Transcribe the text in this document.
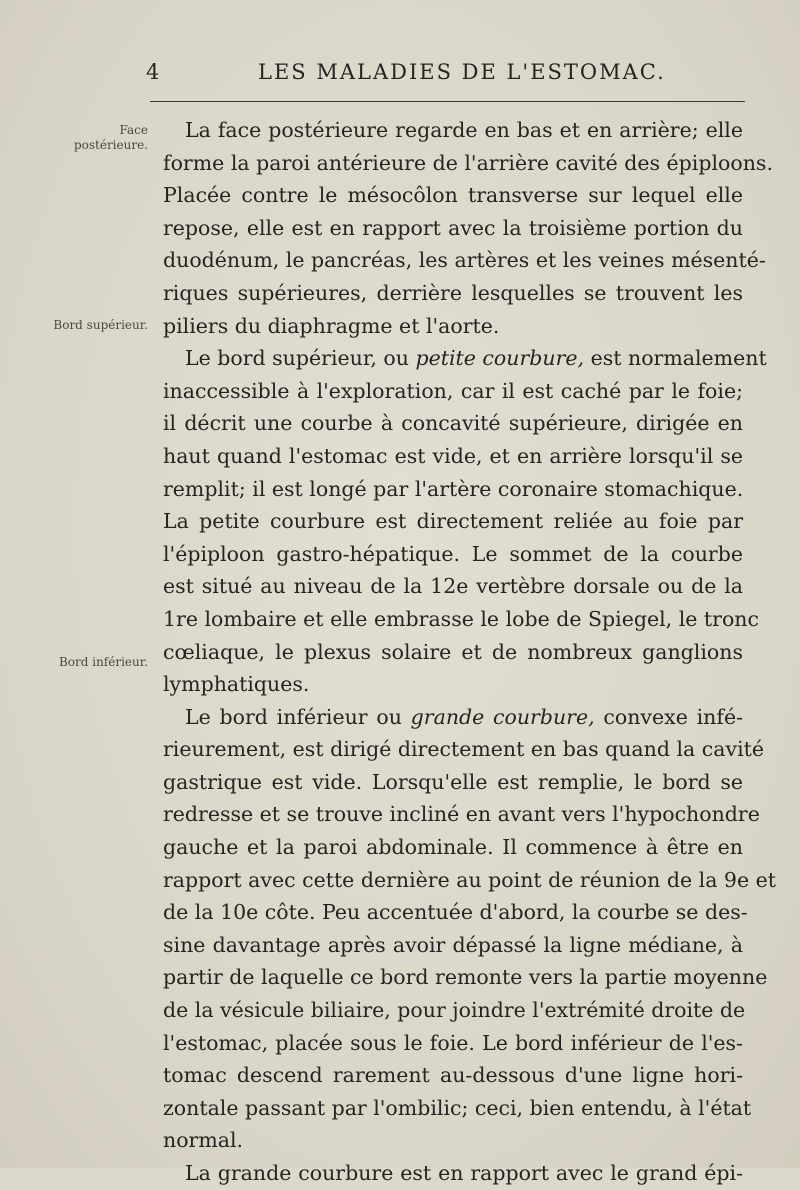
4	LES MALADIES DE L'ESTOMAC.
Face
postérieure.
Bord supérieur.
Bord inférieur.
La face postérieure regarde en bas et en arrière; elle
forme la paroi antérieure de l'arrière cavité des épiploons.
Placée contre le mésocôlon transverse sur lequel elle
repose, elle est en rapport avec la troisième portion du
duodénum, le pancréas, les artères et les veines mésenté-
riques supérieures, derrière lesquelles se trouvent les
piliers du diaphragme et l'aorte.
Le bord supérieur, ou petite courbure, est normalement
inaccessible à l'exploration, car il est caché par le foie;
il décrit une courbe à concavité supérieure, dirigée en
haut quand l'estomac est vide, et en arrière lorsqu'il se
remplit; il est longé par l'artère coronaire stomachique.
La petite courbure est directement reliée au foie par
l'épiploon gastro-hépatique. Le sommet de la courbe
est situé au niveau de la 12e vertèbre dorsale ou de la
1re lombaire et elle embrasse le lobe de Spiegel, le tronc
cœliaque, le plexus solaire et de nombreux ganglions
lymphatiques.
Le bord inférieur ou grande courbure, convexe infé-
rieurement, est dirigé directement en bas quand la cavité
gastrique est vide. Lorsqu'elle est remplie, le bord se
redresse et se trouve incliné en avant vers l'hypochondre
gauche et la paroi abdominale. Il commence à être en
rapport avec cette dernière au point de réunion de la 9e et
de la 10e côte. Peu accentuée d'abord, la courbe se des-
sine davantage après avoir dépassé la ligne médiane, à
partir de laquelle ce bord remonte vers la partie moyenne
de la vésicule biliaire, pour joindre l'extrémité droite de
l'estomac, placée sous le foie. Le bord inférieur de l'es-
tomac descend rarement au-dessous d'une ligne hori-
zontale passant par l'ombilic; ceci, bien entendu, à l'état
normal.
La grande courbure est en rapport avec le grand épi-
